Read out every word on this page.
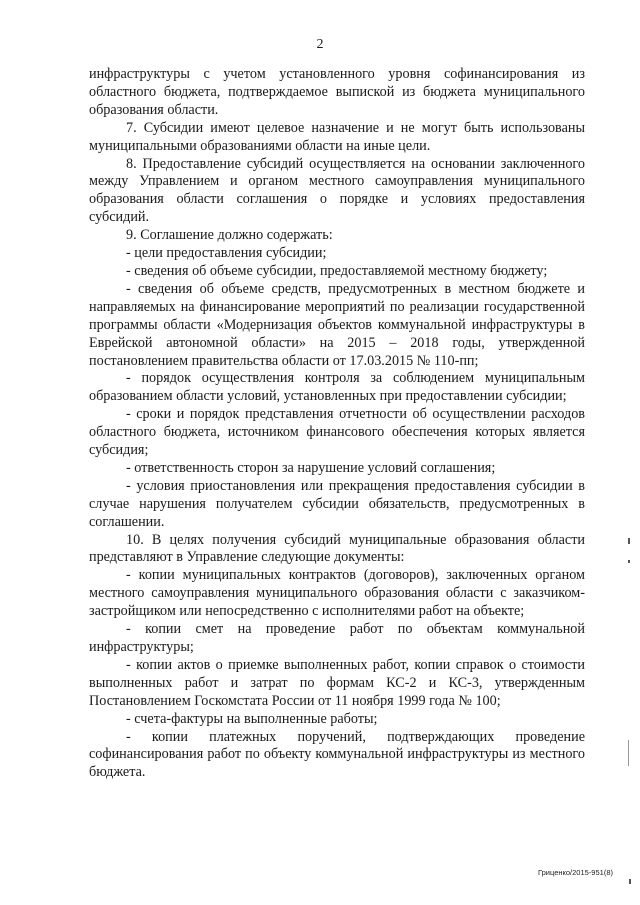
2

инфраструктуры с учетом установленного уровня софинансирования из областного бюджета, подтверждаемое выпиской из бюджета муниципального образования области.

7. Субсидии имеют целевое назначение и не могут быть использованы муниципальными образованиями области на иные цели.

8. Предоставление субсидий осуществляется на основании заключенного между Управлением и органом местного самоуправления муниципального образования области соглашения о порядке и условиях предоставления субсидий.

9. Соглашение должно содержать:

- цели предоставления субсидии;

- сведения об объеме субсидии, предоставляемой местному бюджету;

- сведения об объеме средств, предусмотренных в местном бюджете и направляемых на финансирование мероприятий по реализации государственной программы области «Модернизация объектов коммунальной инфраструктуры в Еврейской автономной области» на 2015 – 2018 годы, утвержденной постановлением правительства области от 17.03.2015 № 110-пп;

- порядок осуществления контроля за соблюдением муниципальным образованием области условий, установленных при предоставлении субсидии;

- сроки и порядок представления отчетности об осуществлении расходов областного бюджета, источником финансового обеспечения которых является субсидия;

- ответственность сторон за нарушение условий соглашения;

- условия приостановления или прекращения предоставления субсидии в случае нарушения получателем субсидии обязательств, предусмотренных в соглашении.

10. В целях получения субсидий муниципальные образования области представляют в Управление следующие документы:

- копии муниципальных контрактов (договоров), заключенных органом местного самоуправления муниципального образования области с заказчиком-застройщиком или непосредственно с исполнителями работ на объекте;

- копии смет на проведение работ по объектам коммунальной инфраструктуры;

- копии актов о приемке выполненных работ, копии справок о стоимости выполненных работ и затрат по формам КС-2 и КС-3, утвержденным Постановлением Госкомстата России от 11 ноября 1999 года № 100;

- счета-фактуры на выполненные работы;

- копии платежных поручений, подтверждающих проведение софинансирования работ по объекту коммунальной инфраструктуры из местного бюджета.

Гриценко/2015-951(8)
